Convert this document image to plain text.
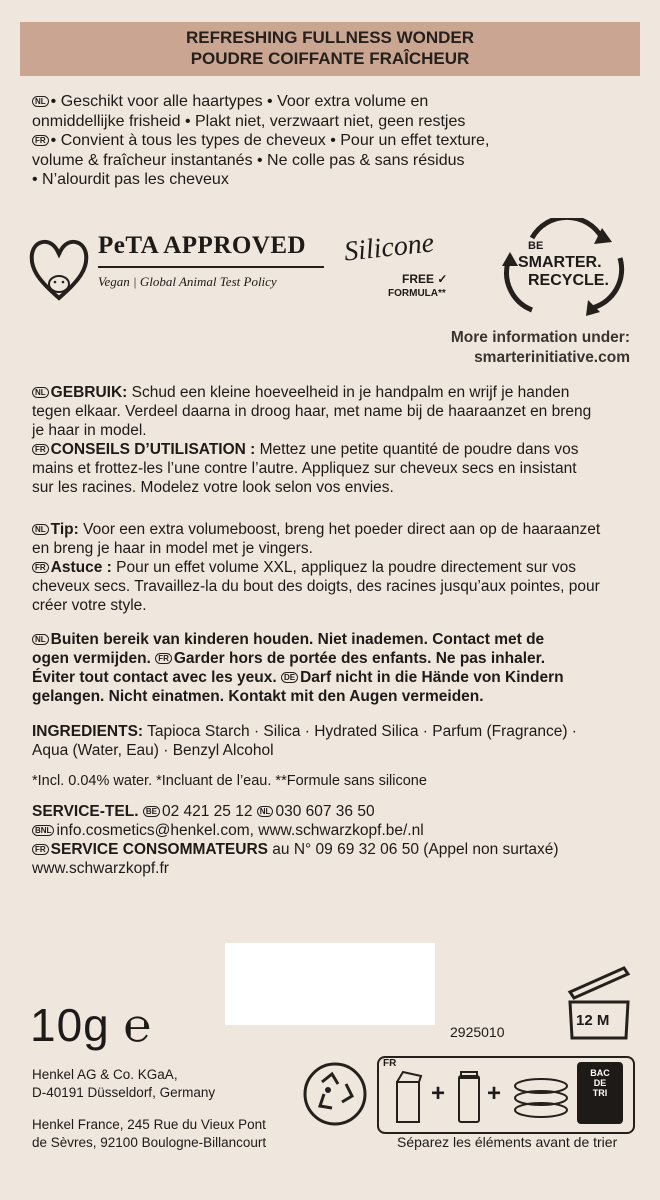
REFRESHING FULLNESS WONDER
POUDRE COIFFANTE FRAÎCHEUR
NL • Geschikt voor alle haartypes • Voor extra volume en
onmiddellijke frisheid • Plakt niet, verzwaart niet, geen restjes
FR • Convient à tous les types de cheveux • Pour un effet texture,
volume & fraîcheur instantanés • Ne colle pas & sans résidus
• N’alourdit pas les cheveux
PeTA APPROVED
Vegan | Global Animal Test Policy
Silicone
FREE ✓
FORMULA**
BE
SMARTER.
RECYCLE.
More information under:
smarterinitiative.com
NL GEBRUIK: Schud een kleine hoeveelheid in je handpalm en wrijf je handen
tegen elkaar. Verdeel daarna in droog haar, met name bij de haaraanzet en breng
je haar in model.
FR CONSEILS D’UTILISATION : Mettez une petite quantité de poudre dans vos
mains et frottez-les l’une contre l’autre. Appliquez sur cheveux secs en insistant
sur les racines. Modelez votre look selon vos envies.
NL Tip: Voor een extra volumeboost, breng het poeder direct aan op de haaraanzet
en breng je haar in model met je vingers.
FR Astuce : Pour un effet volume XXL, appliquez la poudre directement sur vos
cheveux secs. Travaillez-la du bout des doigts, des racines jusqu’aux pointes, pour
créer votre style.
NL Buiten bereik van kinderen houden. Niet inademen. Contact met de
ogen vermijden. FR Garder hors de portée des enfants. Ne pas inhaler.
Éviter tout contact avec les yeux. DE Darf nicht in die Hände von Kindern
gelangen. Nicht einatmen. Kontakt mit den Augen vermeiden.
INGREDIENTS: Tapioca Starch · Silica · Hydrated Silica · Parfum (Fragrance) ·
Aqua (Water, Eau) · Benzyl Alcohol
*Incl. 0.04% water. *Incluant de l’eau. **Formule sans silicone
SERVICE-TEL. BE 02 421 25 12 NL 030 607 36 50
BNL info.cosmetics@henkel.com, www.schwarzkopf.be/.nl
FR SERVICE CONSOMMATEURS au N° 09 69 32 06 50 (Appel non surtaxé)
www.schwarzkopf.fr
10g ℮	2925010
12 M
Henkel AG & Co. KGaA,
D-40191 Düsseldorf, Germany
Henkel France, 245 Rue du Vieux Pont
de Sèvres, 92100 Boulogne-Billancourt
FR
+ +
BAC
DE
TRI
Séparez les éléments avant de trier
